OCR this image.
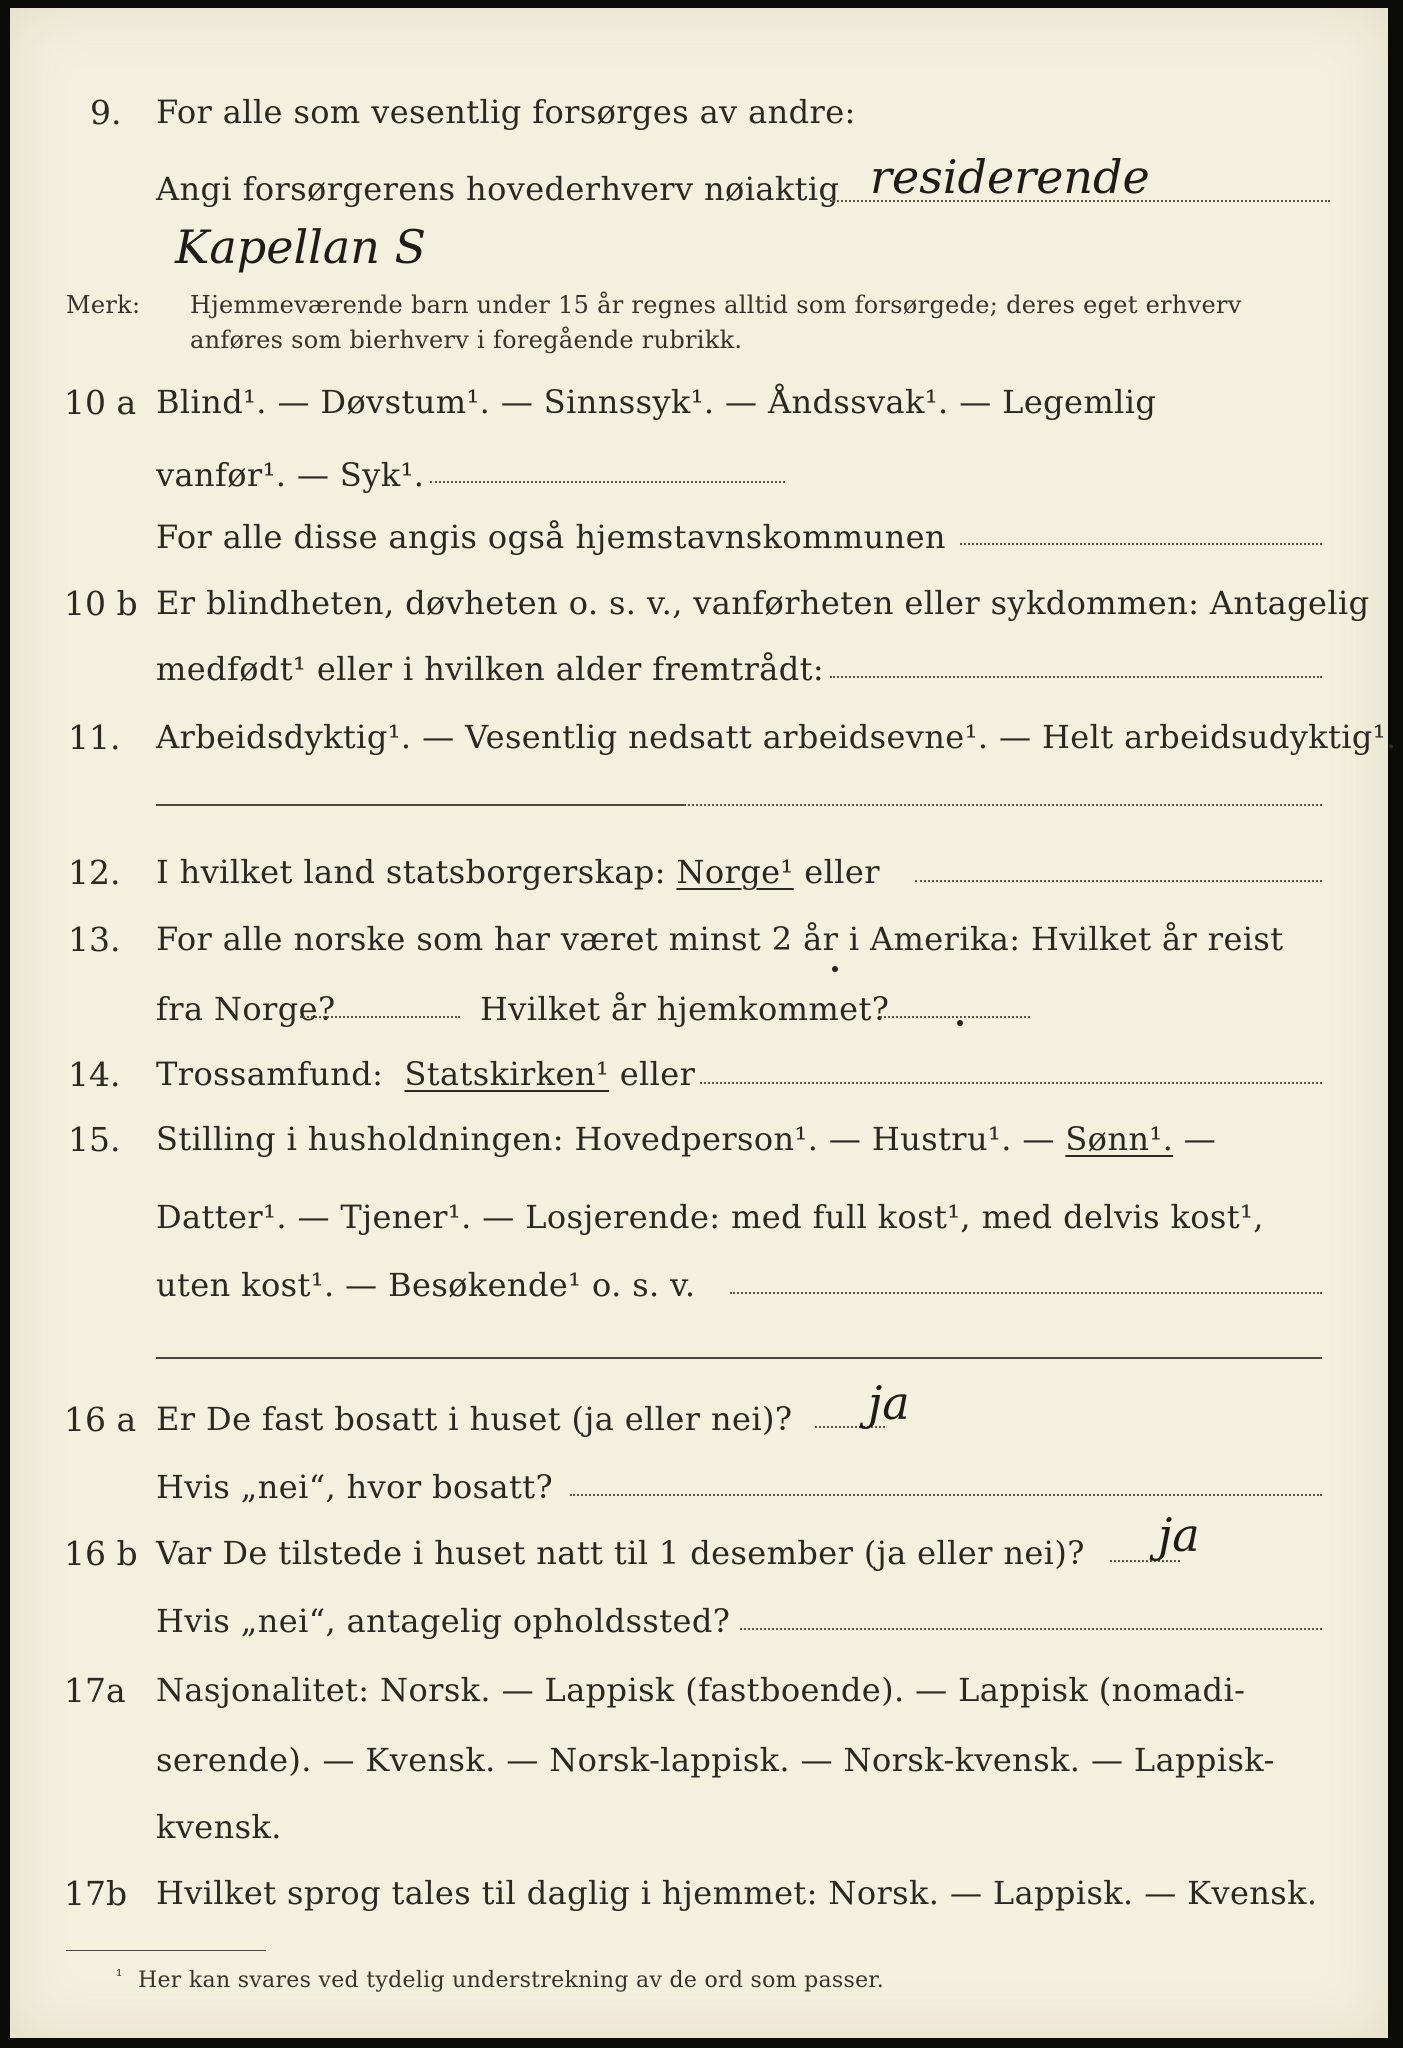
9. For alle som vesentlig forsørges av andre:
Angi forsørgerens hovederhverv nøiaktig residerende
Kapellan S
Merk: Hjemmeværende barn under 15 år regnes alltid som forsørgede; deres eget erhverv
anføres som bierhverv i foregående rubrikk.
10 a Blind¹. — Døvstum¹. — Sinnssyk¹. — Åndssvak¹. — Legemlig
vanfør¹. — Syk¹.
For alle disse angis også hjemstavnskommunen
10 b Er blindheten, døvheten o. s. v., vanførheten eller sykdommen: Antagelig
medfødt¹ eller i hvilken alder fremtrådt:
11. Arbeidsdyktig¹. — Vesentlig nedsatt arbeidsevne¹. — Helt arbeidsudyktig¹.
12. I hvilket land statsborgerskap: Norge¹ eller
13. For alle norske som har været minst 2 år i Amerika: Hvilket år reist
fra Norge?	Hvilket år hjemkommet?
14. Trossamfund: Statskirken¹ eller
15. Stilling i husholdningen: Hovedperson¹. — Hustru¹. — Sønn¹. —
Datter¹. — Tjener¹. — Losjerende: med full kost¹, med delvis kost¹,
uten kost¹. — Besøkende¹ o. s. v.
16 a Er De fast bosatt i huset (ja eller nei)? ja
Hvis „nei“, hvor bosatt?
16 b Var De tilstede i huset natt til 1 desember (ja eller nei)? ja
Hvis „nei“, antagelig opholdssted?
17a Nasjonalitet: Norsk. — Lappisk (fastboende). — Lappisk (nomadi-
serende). — Kvensk. — Norsk-lappisk. — Norsk-kvensk. — Lappisk-
kvensk.
17b Hvilket sprog tales til daglig i hjemmet: Norsk. — Lappisk. — Kvensk.
¹ Her kan svares ved tydelig understrekning av de ord som passer.
